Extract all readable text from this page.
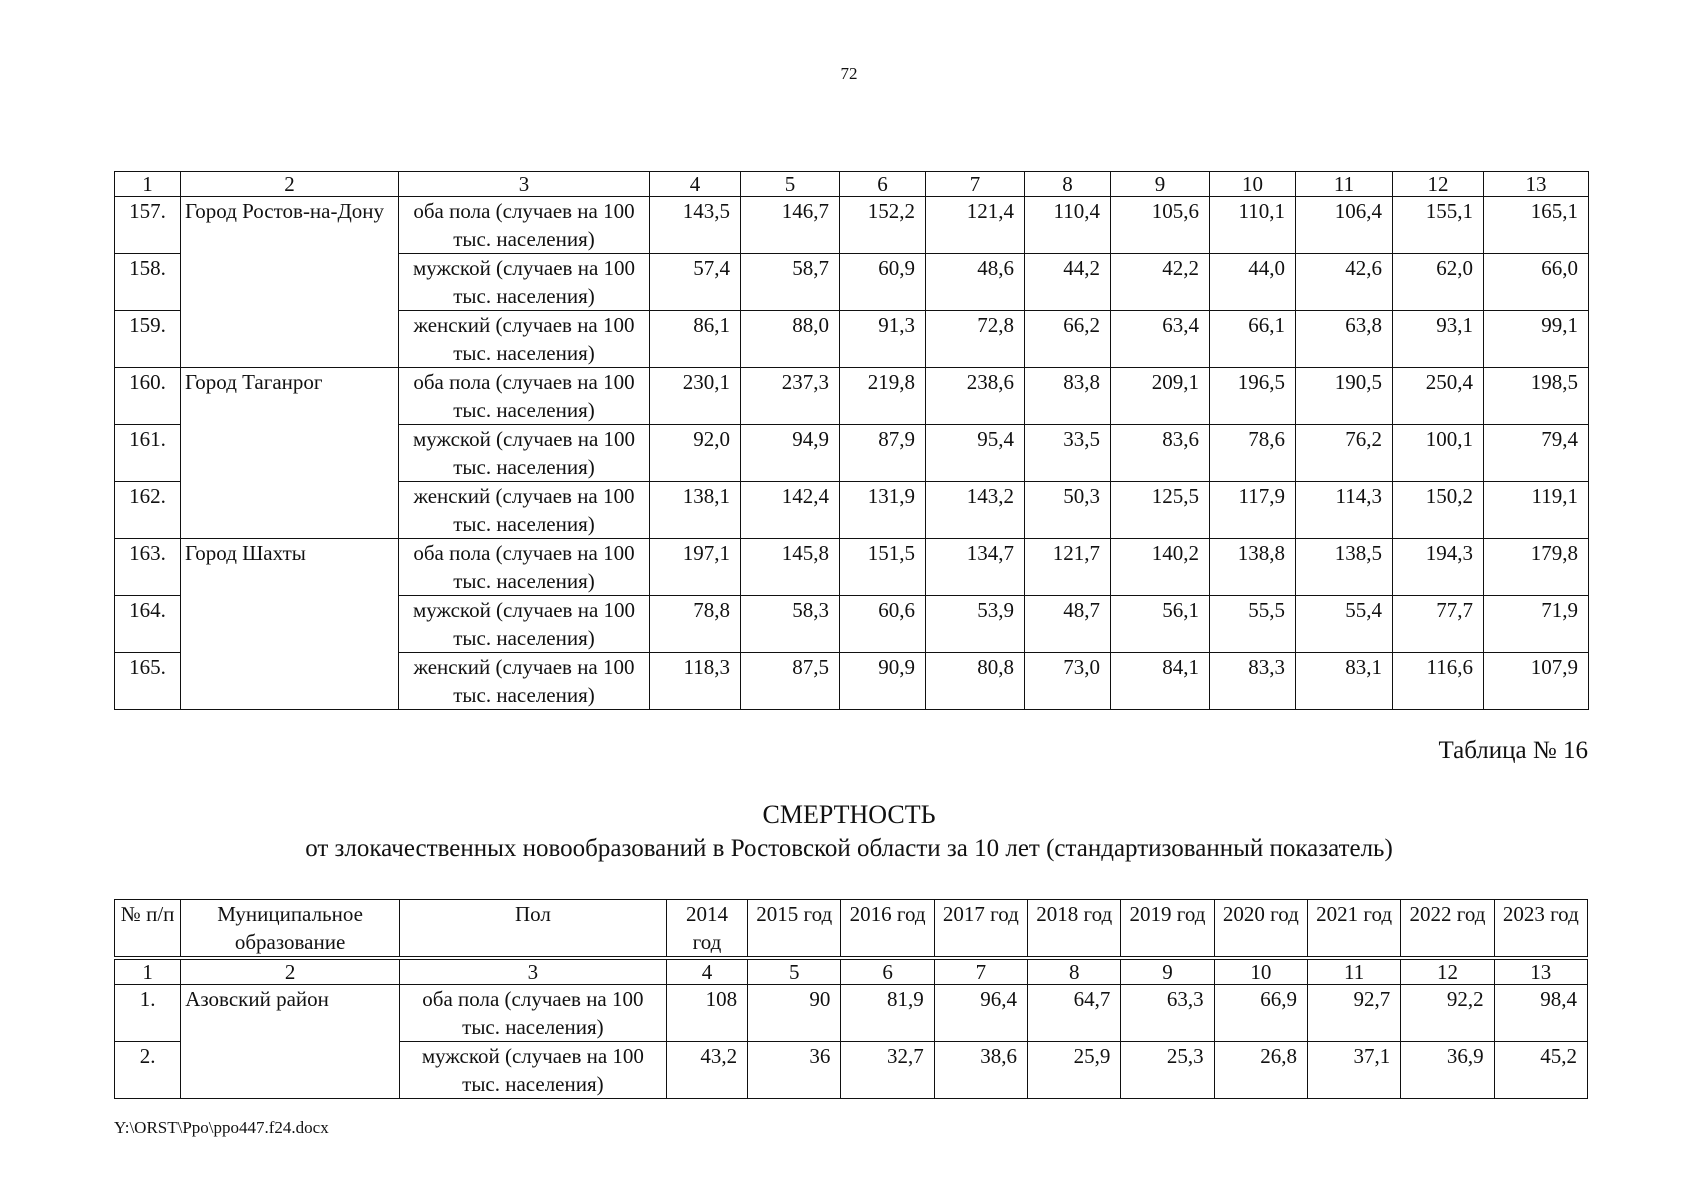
72
1	2	3	4	5	6	7	8	9	10	11	12	13
157.	Город Ростов-на-Дону	оба пола (случаев на 100 тыс. населения)	143,5	146,7	152,2	121,4	110,4	105,6	110,1	106,4	155,1	165,1
158.		мужской (случаев на 100 тыс. населения)	57,4	58,7	60,9	48,6	44,2	42,2	44,0	42,6	62,0	66,0
159.		женский (случаев на 100 тыс. населения)	86,1	88,0	91,3	72,8	66,2	63,4	66,1	63,8	93,1	99,1
160.	Город Таганрог	оба пола (случаев на 100 тыс. населения)	230,1	237,3	219,8	238,6	83,8	209,1	196,5	190,5	250,4	198,5
161.		мужской (случаев на 100 тыс. населения)	92,0	94,9	87,9	95,4	33,5	83,6	78,6	76,2	100,1	79,4
162.		женский (случаев на 100 тыс. населения)	138,1	142,4	131,9	143,2	50,3	125,5	117,9	114,3	150,2	119,1
163.	Город Шахты	оба пола (случаев на 100 тыс. населения)	197,1	145,8	151,5	134,7	121,7	140,2	138,8	138,5	194,3	179,8
164.		мужской (случаев на 100 тыс. населения)	78,8	58,3	60,6	53,9	48,7	56,1	55,5	55,4	77,7	71,9
165.		женский (случаев на 100 тыс. населения)	118,3	87,5	90,9	80,8	73,0	84,1	83,3	83,1	116,6	107,9
Таблица № 16
СМЕРТНОСТЬ
от злокачественных новообразований в Ростовской области за 10 лет (стандартизованный показатель)
№ п/п	Муниципальное образование	Пол	2014 год	2015 год	2016 год	2017 год	2018 год	2019 год	2020 год	2021 год	2022 год	2023 год
1	2	3	4	5	6	7	8	9	10	11	12	13
1.	Азовский район	оба пола (случаев на 100 тыс. населения)	108	90	81,9	96,4	64,7	63,3	66,9	92,7	92,2	98,4
2.		мужской (случаев на 100 тыс. населения)	43,2	36	32,7	38,6	25,9	25,3	26,8	37,1	36,9	45,2
Y:\ORST\Ppo\ppo447.f24.docx
